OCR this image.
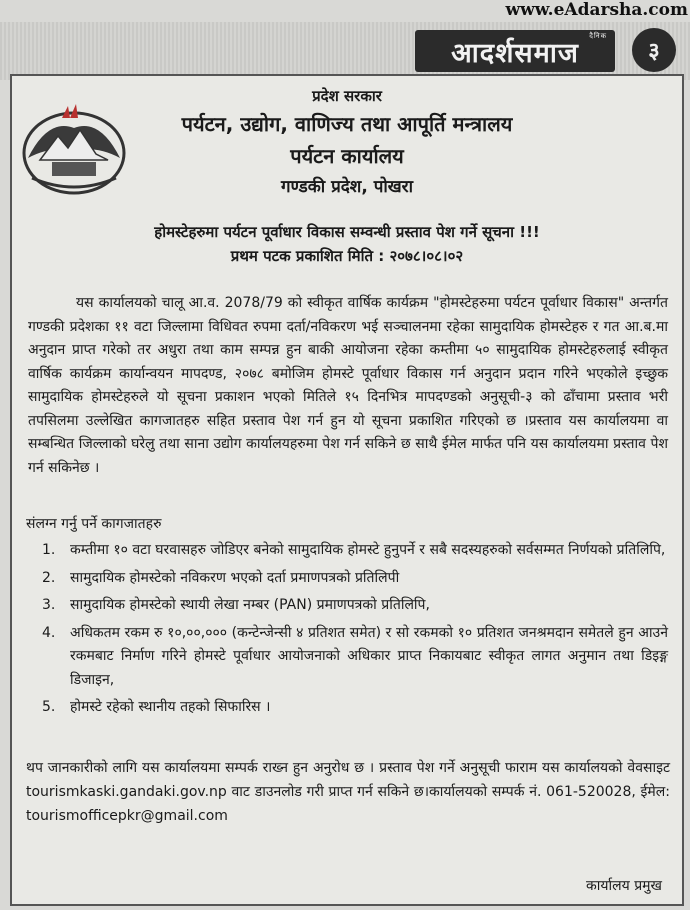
www.eAdarsha.com
दैनिक
आदर्शसमाज	३
प्रदेश सरकार
पर्यटन, उद्योग, वाणिज्य तथा आपूर्ति मन्त्रालय
पर्यटन कार्यालय
गण्डकी प्रदेश, पोखरा
होमस्टेहरुमा पर्यटन पूर्वाधार विकास सम्वन्धी प्रस्ताव पेश गर्ने सूचना !!!
प्रथम पटक प्रकाशित मिति : २०७८।०८।०२

यस कार्यालयको चालू आ.व. 2078/79 को स्वीकृत वार्षिक कार्यक्रम "होमस्टेहरुमा पर्यटन पूर्वाधार विकास" अन्तर्गत गण्डकी प्रदेशका ११ वटा जिल्लामा विधिवत रुपमा दर्ता/नविकरण भई सञ्चालनमा रहेका सामुदायिक होमस्टेहरु र गत आ.ब.मा अनुदान प्राप्त गरेको तर अधुरा तथा काम सम्पन्न हुन बाकी आयोजना रहेका कम्तीमा ५० सामुदायिक होमस्टेहरुलाई स्वीकृत वार्षिक कार्यक्रम कार्यान्वयन मापदण्ड, २०७८ बमोजिम होमस्टे पूर्वाधार विकास गर्न अनुदान प्रदान गरिने भएकोले इच्छुक सामुदायिक होमस्टेहरुले यो सूचना प्रकाशन भएको मितिले १५ दिनभित्र मापदण्डको अनुसूची-३ को ढाँचामा प्रस्ताव भरी तपसिलमा उल्लेखित कागजातहरु सहित प्रस्ताव पेश गर्न हुन यो सूचना प्रकाशित गरिएको छ ।प्रस्ताव यस कार्यालयमा वा सम्बन्धित जिल्लाको घरेलु तथा साना उद्योग कार्यालयहरुमा पेश गर्न सकिने छ साथै ईमेल मार्फत पनि यस कार्यालयमा प्रस्ताव पेश गर्न सकिनेछ ।

संलग्न गर्नु पर्ने कागजातहरु
1.	कम्तीमा १० वटा घरवासहरु जोडिएर बनेको सामुदायिक होमस्टे हुनुपर्ने र सबै सदस्यहरुको सर्वसम्मत निर्णयको प्रतिलिपि,
2.	सामुदायिक होमस्टेको नविकरण भएको दर्ता प्रमाणपत्रको प्रतिलिपी
3.	सामुदायिक होमस्टेको स्थायी लेखा नम्बर (PAN) प्रमाणपत्रको प्रतिलिपि,
4.	अधिकतम रकम रु १०,००,००० (कन्टेन्जेन्सी ४ प्रतिशत समेत) र सो रकमको १० प्रतिशत जनश्रमदान समेतले हुन आउने रकमबाट निर्माण गरिने होमस्टे पूर्वाधार आयोजनाको अधिकार प्राप्त निकायबाट स्वीकृत लागत अनुमान तथा डिइङ्ग डिजाइन,
5.	होमस्टे रहेको स्थानीय तहको सिफारिस ।
थप जानकारीको लागि यस कार्यालयमा सम्पर्क राख्न हुन अनुरोध छ । प्रस्ताव पेश गर्ने अनुसूची फाराम यस कार्यालयको वेवसाइट tourismkaski.gandaki.gov.np वाट डाउनलोड गरी प्राप्त गर्न सकिने छ।कार्यालयको सम्पर्क नं. 061-520028, ईमेल: tourismofficepkr@gmail.com
कार्यालय प्रमुख
